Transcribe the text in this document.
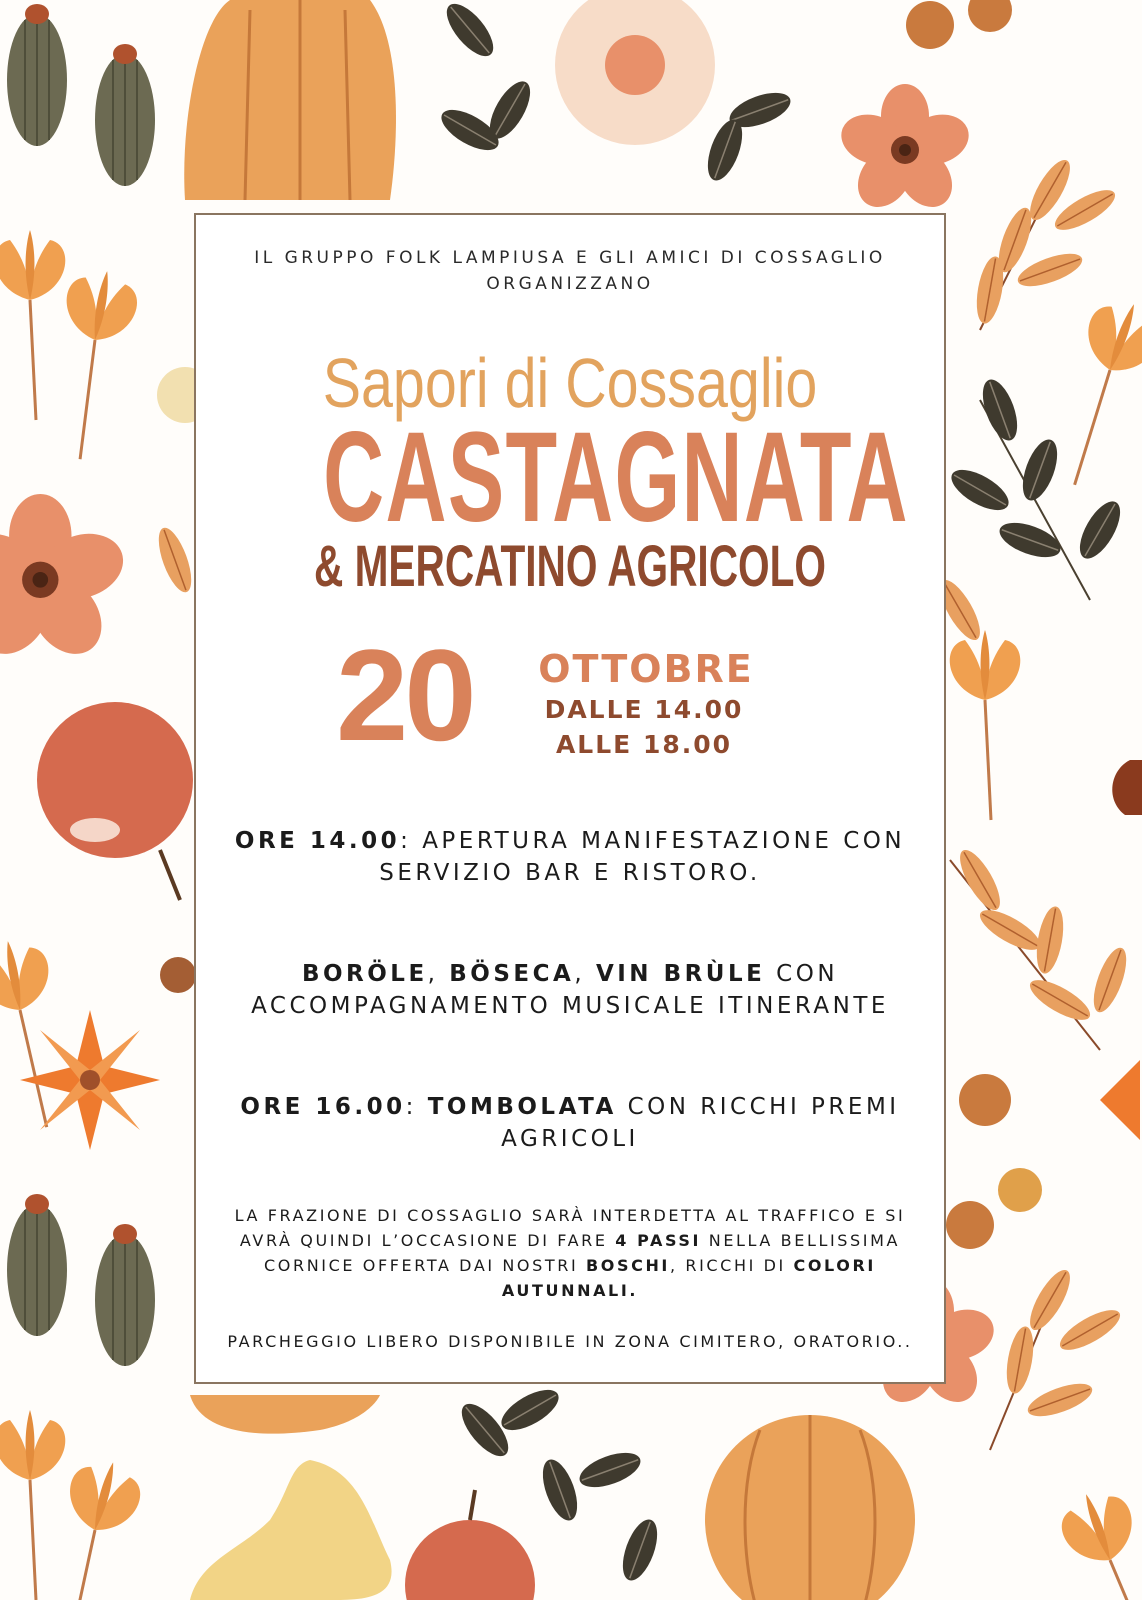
IL GRUPPO FOLK LAMPIUSA E GLI AMICI DI COSSAGLIO ORGANIZZANO
Sapori di Cossaglio
CASTAGNATA
& MERCATINO AGRICOLO
20 OTTOBRE
DALLE 14.00
ALLE 18.00
ORE 14.00: APERTURA MANIFESTAZIONE CON SERVIZIO BAR E RISTORO.
BORÖLE, BÖSECA, VIN BRÙLE CON ACCOMPAGNAMENTO MUSICALE ITINERANTE
ORE 16.00: TOMBOLATA CON RICCHI PREMI AGRICOLI
LA FRAZIONE DI COSSAGLIO SARÀ INTERDETTA AL TRAFFICO E SI AVRÀ QUINDI L’OCCASIONE DI FARE 4 PASSI NELLA BELLISSIMA CORNICE OFFERTA DAI NOSTRI BOSCHI, RICCHI DI COLORI AUTUNNALI.
PARCHEGGIO LIBERO DISPONIBILE IN ZONA CIMITERO, ORATORIO..
